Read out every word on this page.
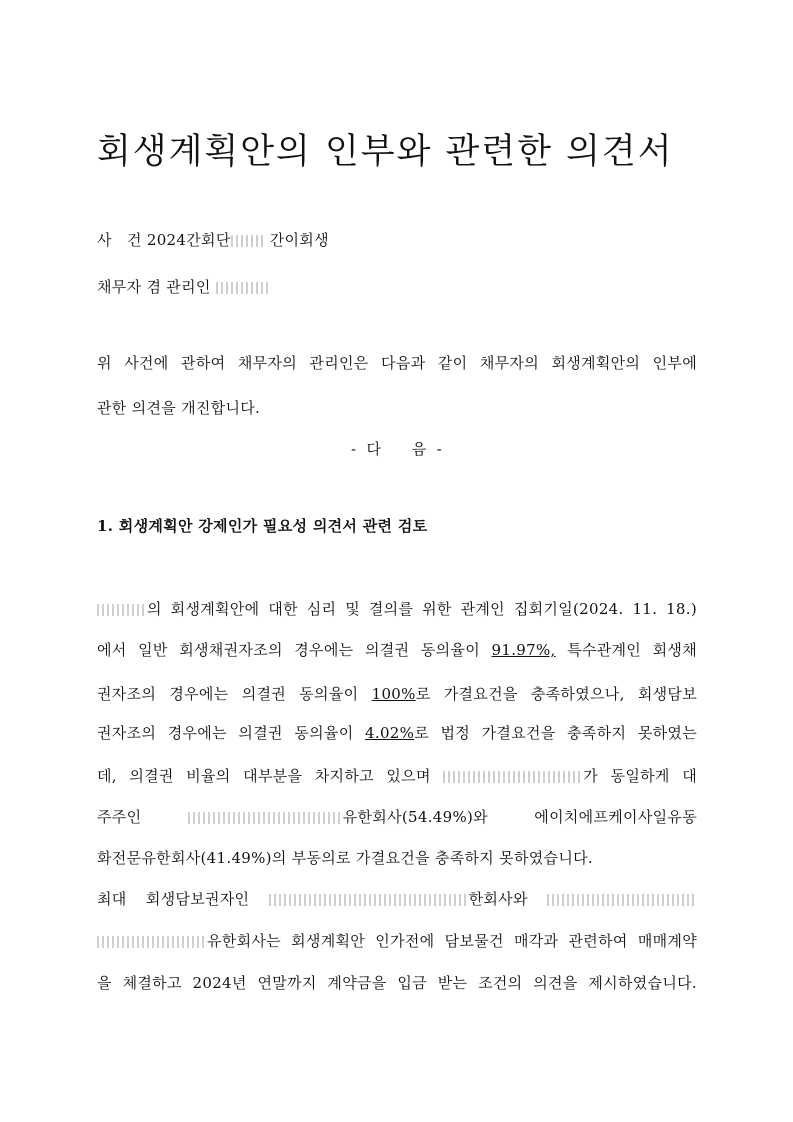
회생계획안의 인부와 관련한 의견서
사   건 2024간회단	간이회생
채무자 겸 관리인
위 사건에 관하여 채무자의 관리인은 다음과 같이 채무자의 회생계획안의 인부에
관한 의견을 개진합니다.
-  다      음  -
1. 회생계획안 강제인가 필요성 의견서 관련 검토
의 회생계획안에 대한 심리 및 결의를 위한 관계인 집회기일(2024. 11. 18.)
에서 일반 회생채권자조의 경우에는 의결권 동의율이 91.97%, 특수관계인 회생채
권자조의 경우에는 의결권 동의율이 100%로 가결요건을 충족하였으나, 회생담보
권자조의 경우에는 의결권 동의율이 4.02%로 법정 가결요건을 충족하지 못하였는
데, 의결권 비율의 대부분을 차지하고 있으며	가 동일하게 대
주주인	유한회사(54.49%)와 에이치에프케이사일유동
화전문유한회사(41.49%)의 부동의로 가결요건을 충족하지 못하였습니다.
최대 회생담보권자인	한회사와
유한회사는 회생계획안 인가전에 담보물건 매각과 관련하여 매매계약
을 체결하고 2024년 연말까지 계약금을 입금 받는 조건의 의견을 제시하였습니다.
